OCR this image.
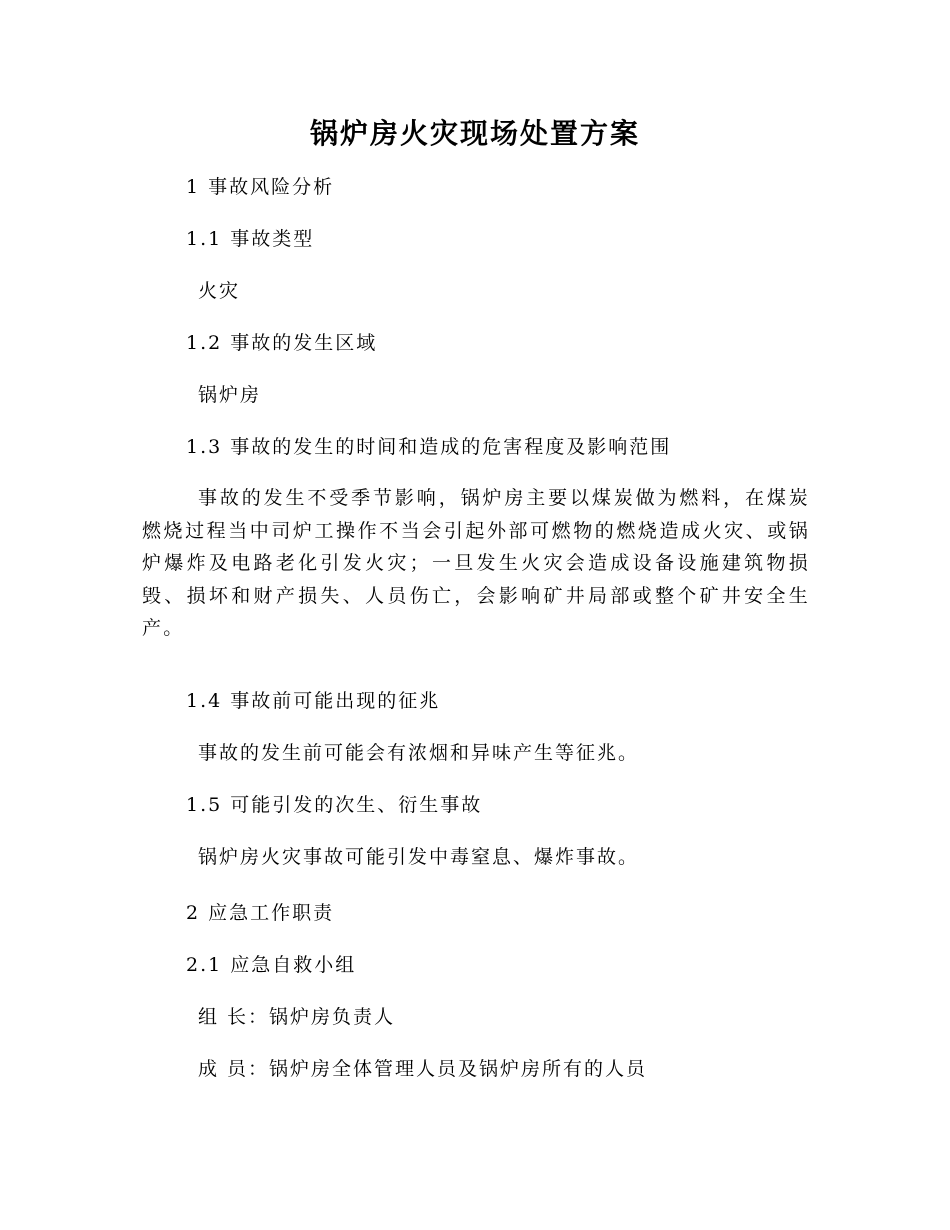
锅炉房火灾现场处置方案
1 事故风险分析
1.1 事故类型
火灾
1.2 事故的发生区域
锅炉房
1.3 事故的发生的时间和造成的危害程度及影响范围
事故的发生不受季节影响，锅炉房主要以煤炭做为燃料，在煤炭燃烧过程当中司炉工操作不当会引起外部可燃物的燃烧造成火灾、或锅炉爆炸及电路老化引发火灾；一旦发生火灾会造成设备设施建筑物损毁、损坏和财产损失、人员伤亡，会影响矿井局部或整个矿井安全生产。
1.4 事故前可能出现的征兆
事故的发生前可能会有浓烟和异味产生等征兆。
1.5 可能引发的次生、衍生事故
锅炉房火灾事故可能引发中毒窒息、爆炸事故。
2 应急工作职责
2.1 应急自救小组
组 长：锅炉房负责人
成 员：锅炉房全体管理人员及锅炉房所有的人员
